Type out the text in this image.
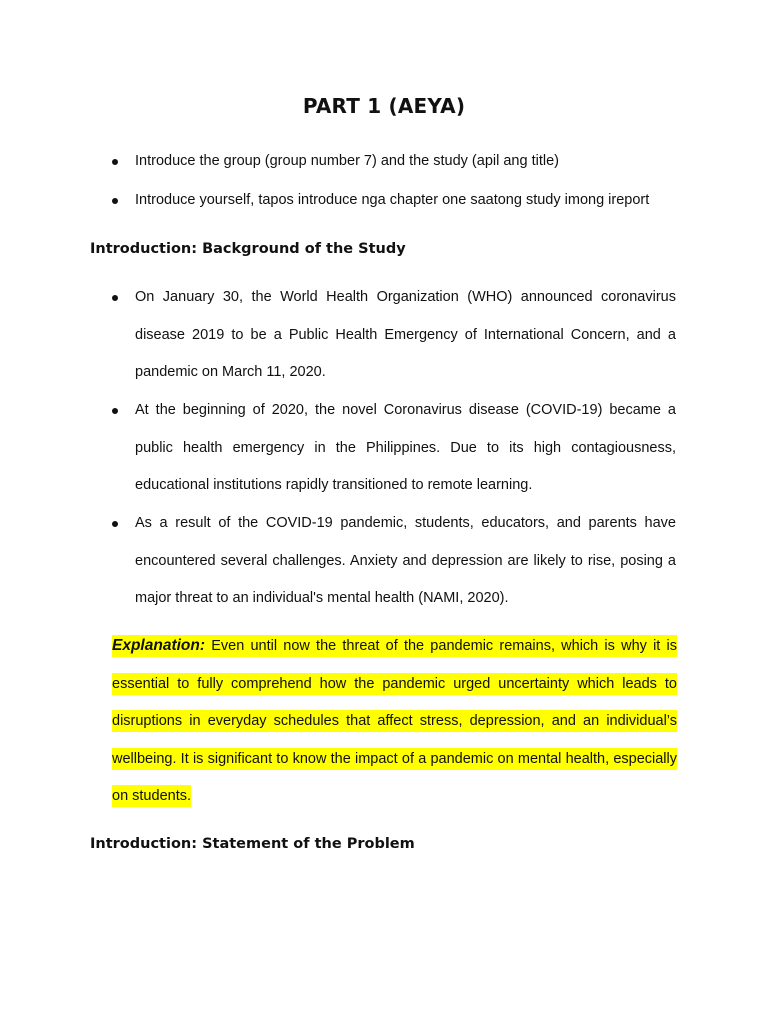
PART 1 (AEYA)
Introduce the group (group number 7) and the study (apil ang title)
Introduce yourself, tapos introduce nga chapter one saatong study imong ireport
Introduction: Background of the Study
On January 30, the World Health Organization (WHO) announced coronavirus disease 2019 to be a Public Health Emergency of International Concern, and a pandemic on March 11, 2020.
At the beginning of 2020, the novel Coronavirus disease (COVID-19) became a public health emergency in the Philippines. Due to its high contagiousness, educational institutions rapidly transitioned to remote learning.
As a result of the COVID-19 pandemic, students, educators, and parents have encountered several challenges. Anxiety and depression are likely to rise, posing a major threat to an individual's mental health (NAMI, 2020).

Explanation: Even until now the threat of the pandemic remains, which is why it is essential to fully comprehend how the pandemic urged uncertainty which leads to disruptions in everyday schedules that affect stress, depression, and an individual’s wellbeing. It is significant to know the impact of a pandemic on mental health, especially on students.

Introduction: Statement of the Problem
